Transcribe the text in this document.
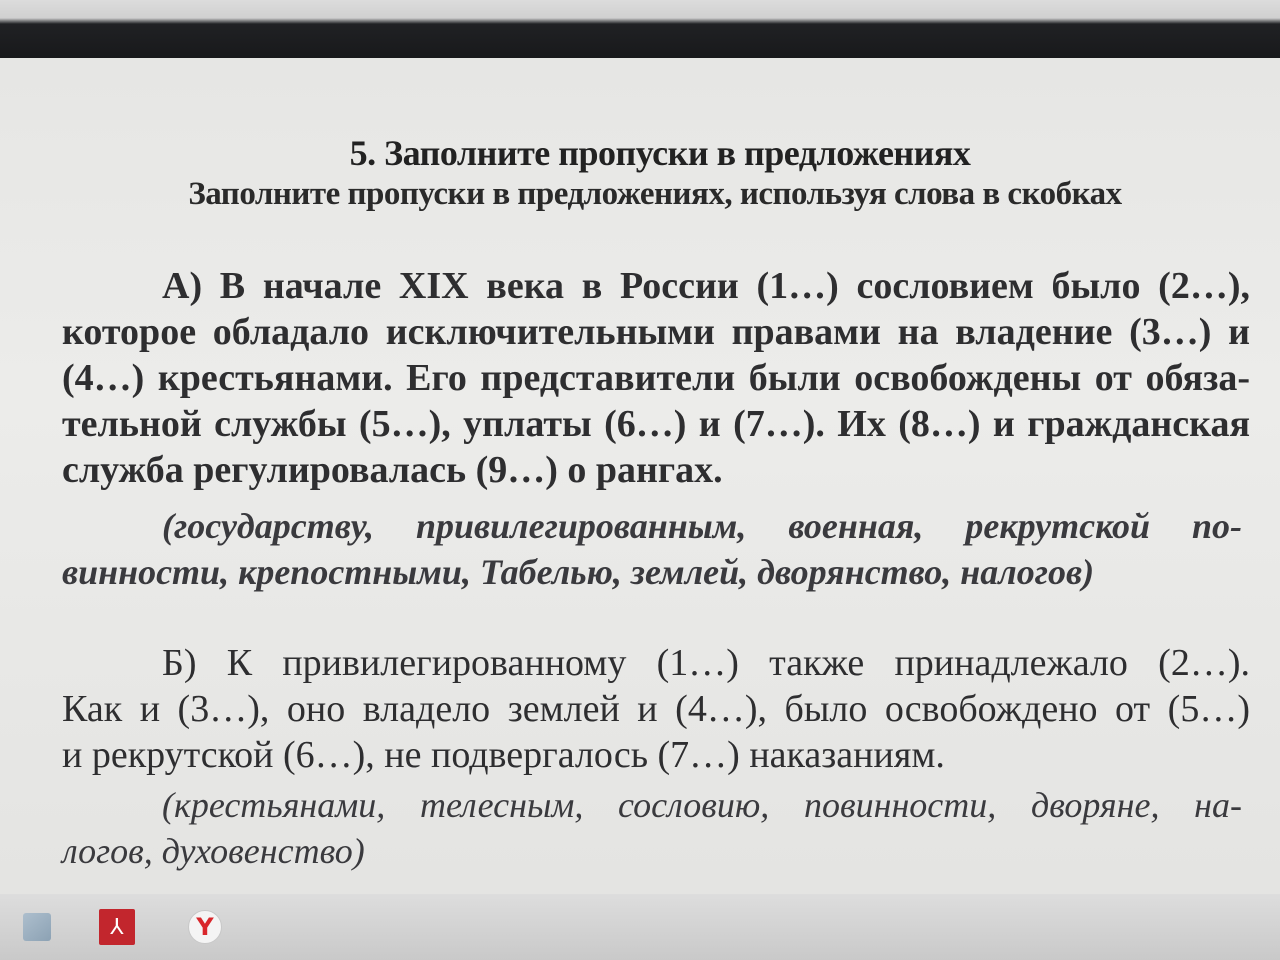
5. Заполните пропуски в предложениях
Заполните пропуски в предложениях, используя слова в скобках
А) В начале XIX века в России (1…) сословием было (2…),
которое обладало исключительными правами на владение (3…) и
(4…) крестьянами. Его представители были освобождены от обяза-
тельной службы (5…), уплаты (6…) и (7…). Их (8…) и гражданская
служба регулировалась (9…) о рангах.
(государству, привилегированным, военная, рекрутской по-
винности, крепостными, Табелью, землей, дворянство, налогов)
Б) К привилегированному (1…) также принадлежало (2…).
Как и (3…), оно владело землей и (4…), было освобождено от (5…)
и рекрутской (6…), не подвергалось (7…) наказаниям.
(крестьянами, телесным, сословию, повинности, дворяне, на-
логов, духовенство)
⅄	Y
